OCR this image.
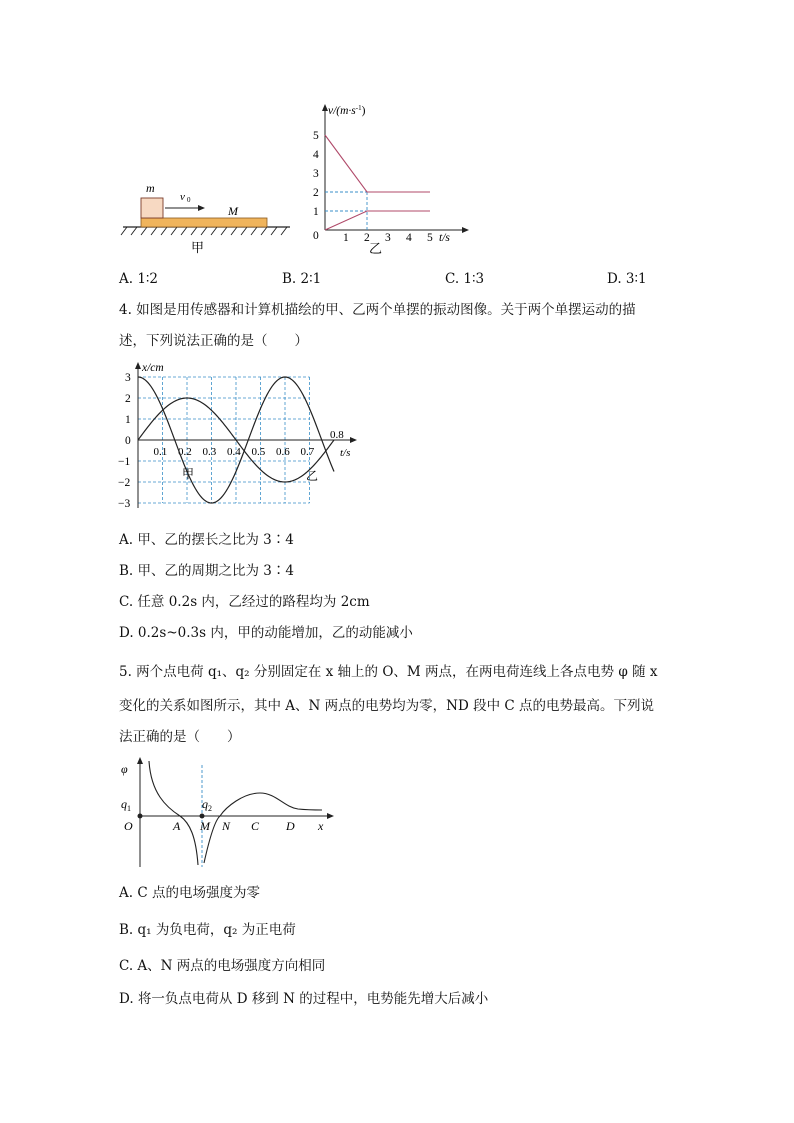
m
v 0
M
甲
$v/(m\cdot s^{-1})$
0
5
4
3
2
1
1 2 3 4 5 t/s
乙
A. 1∶2	B. 2∶1	C. 1∶3	D. 3∶1
4. 如图是用传感器和计算机描绘的甲、乙两个单摆的振动图像。关于两个单摆运动的描
述，下列说法正确的是（　　）
x/cm
3
2
1
0
−1
−2
−3
0.1 0.2 0.3 0.4 0.5 0.6 0.7
0.8
t/s
甲	乙
A. 甲、乙的摆长之比为 3∶4
B. 甲、乙的周期之比为 3∶4
C. 任意 0.2s 内，乙经过的路程均为 2cm
D. 0.2s~0.3s 内，甲的动能增加，乙的动能减小
5. 两个点电荷 q₁、q₂ 分别固定在 x 轴上的 O、M 两点，在两电荷连线上各点电势 φ 随 x
变化的关系如图所示，其中 A、N 两点的电势均为零，ND 段中 C 点的电势最高。下列说
法正确的是（　　）
φ
$q_1$	$q_2$
O	A M N C D x
A. C 点的电场强度为零
B. q₁ 为负电荷，q₂ 为正电荷
C. A、N 两点的电场强度方向相同
D. 将一负点电荷从 D 移到 N 的过程中，电势能先增大后减小
